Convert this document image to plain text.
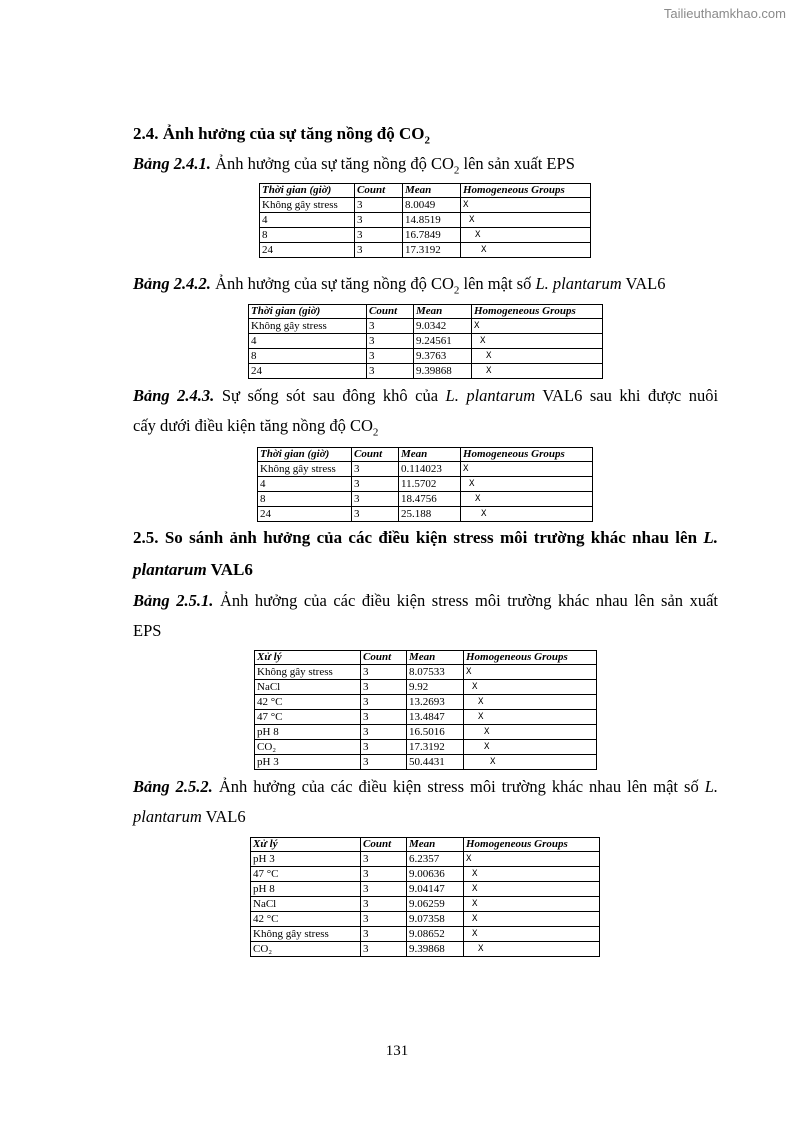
Tailieuthamkhao.com
2.4. Ảnh hưởng của sự tăng nồng độ $CO_2$
Bảng 2.4.1. Ảnh hưởng của sự tăng nồng độ $CO_2$ lên sản xuất EPS
Thời gian (giờ)	Count	Mean	Homogeneous Groups
Không gây stress	3	8.0049	X
4	3	14.8519	X
8	3	16.7849	X
24	3	17.3192	X
Bảng 2.4.2. Ảnh hưởng của sự tăng nồng độ $CO_2$ lên mật số L. plantarum VAL6
Thời gian (giờ)	Count	Mean	Homogeneous Groups
Không gây stress	3	9.0342	X
4	3	9.24561	X
8	3	9.3763	X
24	3	9.39868	X
Bảng 2.4.3. Sự sống sót sau đông khô của L. plantarum VAL6 sau khi được nuôi
cấy dưới điều kiện tăng nồng độ $CO_2$
Thời gian (giờ)	Count	Mean	Homogeneous Groups
Không gây stress	3	0.114023	X
4	3	11.5702	X
8	3	18.4756	X
24	3	25.188	X
2.5. So sánh ảnh hưởng của các điều kiện stress môi trường khác nhau lên L.
plantarum VAL6
Bảng 2.5.1. Ảnh hưởng của các điều kiện stress môi trường khác nhau lên sản xuất
EPS
Xử lý	Count	Mean	Homogeneous Groups
Không gây stress	3	8.07533	X
NaCl	3	9.92	X
42 °C	3	13.2693	X
47 °C	3	13.4847	X
pH 8	3	16.5016	X
CO₂	3	17.3192	X
pH 3	3	50.4431	X
Bảng 2.5.2. Ảnh hưởng của các điều kiện stress môi trường khác nhau lên mật số L.
plantarum VAL6
Xử lý	Count	Mean	Homogeneous Groups
pH 3	3	6.2357	X
47 °C	3	9.00636	X
pH 8	3	9.04147	X
NaCl	3	9.06259	X
42 °C	3	9.07358	X
Không gây stress	3	9.08652	X
CO₂	3	9.39868	X
131
